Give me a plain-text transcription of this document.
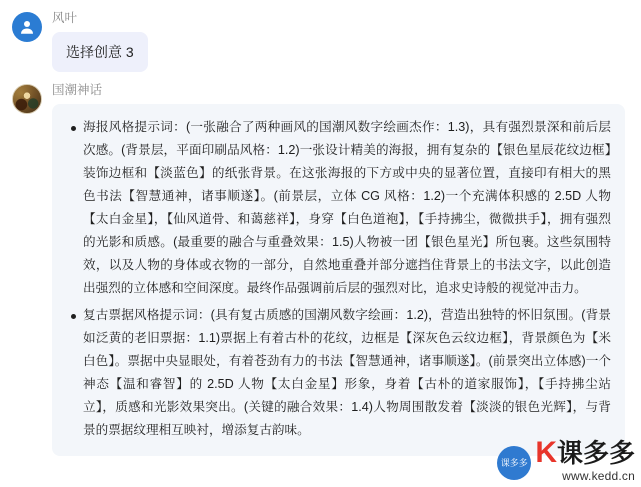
风叶
选择创意 3
国潮神话
海报风格提示词：(一张融合了两种画风的国潮风数字绘画杰作：1.3)，具有强烈景深和前后层次感。(背景层，平面印刷品风格：1.2)一张设计精美的海报，拥有复杂的【银色星辰花纹边框】装饰边框和【淡蓝色】的纸张背景。在这张海报的下方或中央的显著位置，直接印有相大的黑色书法【智慧通神，诸事顺遂】。(前景层，立体 CG 风格：1.2)一个充满体积感的 2.5D 人物【太白金星】，【仙风道骨、和蔼慈祥】，身穿【白色道袍】，【手持拂尘，微微拱手】，拥有强烈的光影和质感。(最重要的融合与重叠效果：1.5)人物被一团【银色星光】所包裹。这些氛围特效，以及人物的身体或衣物的一部分，自然地重叠并部分遮挡住背景上的书法文字，以此创造出强烈的立体感和空间深度。最终作品强调前后层的强烈对比，追求史诗般的视觉冲击力。
复古票据风格提示词：(具有复古质感的国潮风数字绘画：1.2)，营造出独特的怀旧氛围。(背景如泛黄的老旧票据：1.1)票据上有着古朴的花纹，边框是【深灰色云纹边框】，背景颜色为【米白色】。票据中央显眼处，有着苍劲有力的书法【智慧通神，诸事顺遂】。(前景突出立体感)一个神态【温和睿智】的 2.5D 人物【太白金星】形象，身着【古朴的道家服饰】，【手持拂尘站立】，质感和光影效果突出。(关键的融合效果：1.4)人物周围散发着【淡淡的银色光辉】，与背景的票据纹理相互映衬，增添复古韵味。
课多多 K 课多多
www.kedd.cn
